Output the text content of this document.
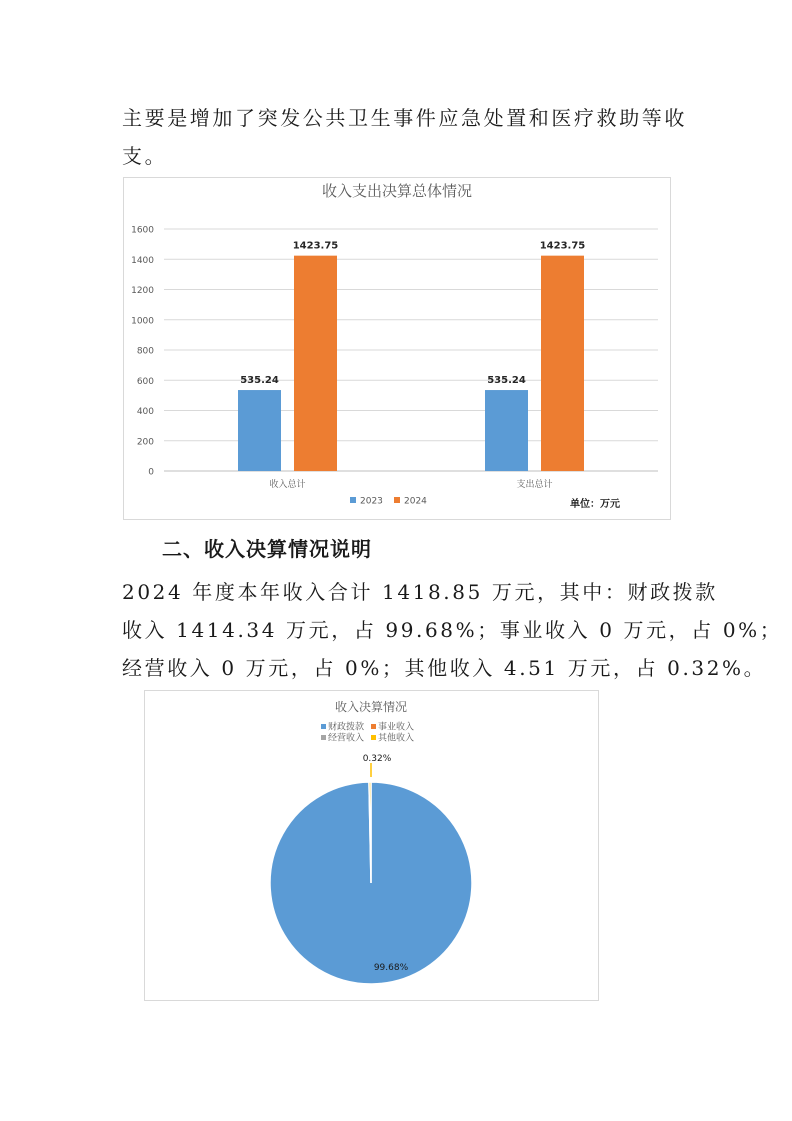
主要是增加了突发公共卫生事件应急处置和医疗救助等收

支。

收入支出决算总体情况
单位：万元
0
200
400
600
800
1000
1200
1400
1600
535.24
1423.75
收入总计
535.24
1423.75
支出总计
2023 2024
二、收入决算情况说明

2024 年度本年收入合计 1418.85 万元，其中：财政拨款

收入 1414.34 万元，占 99.68%；事业收入 0 万元，占 0%；

经营收入 0 万元，占 0%；其他收入 4.51 万元，占 0.32%。

收入决算情况
财政拨款 事业收入
经营收入 其他收入
99.68%
0.32%
